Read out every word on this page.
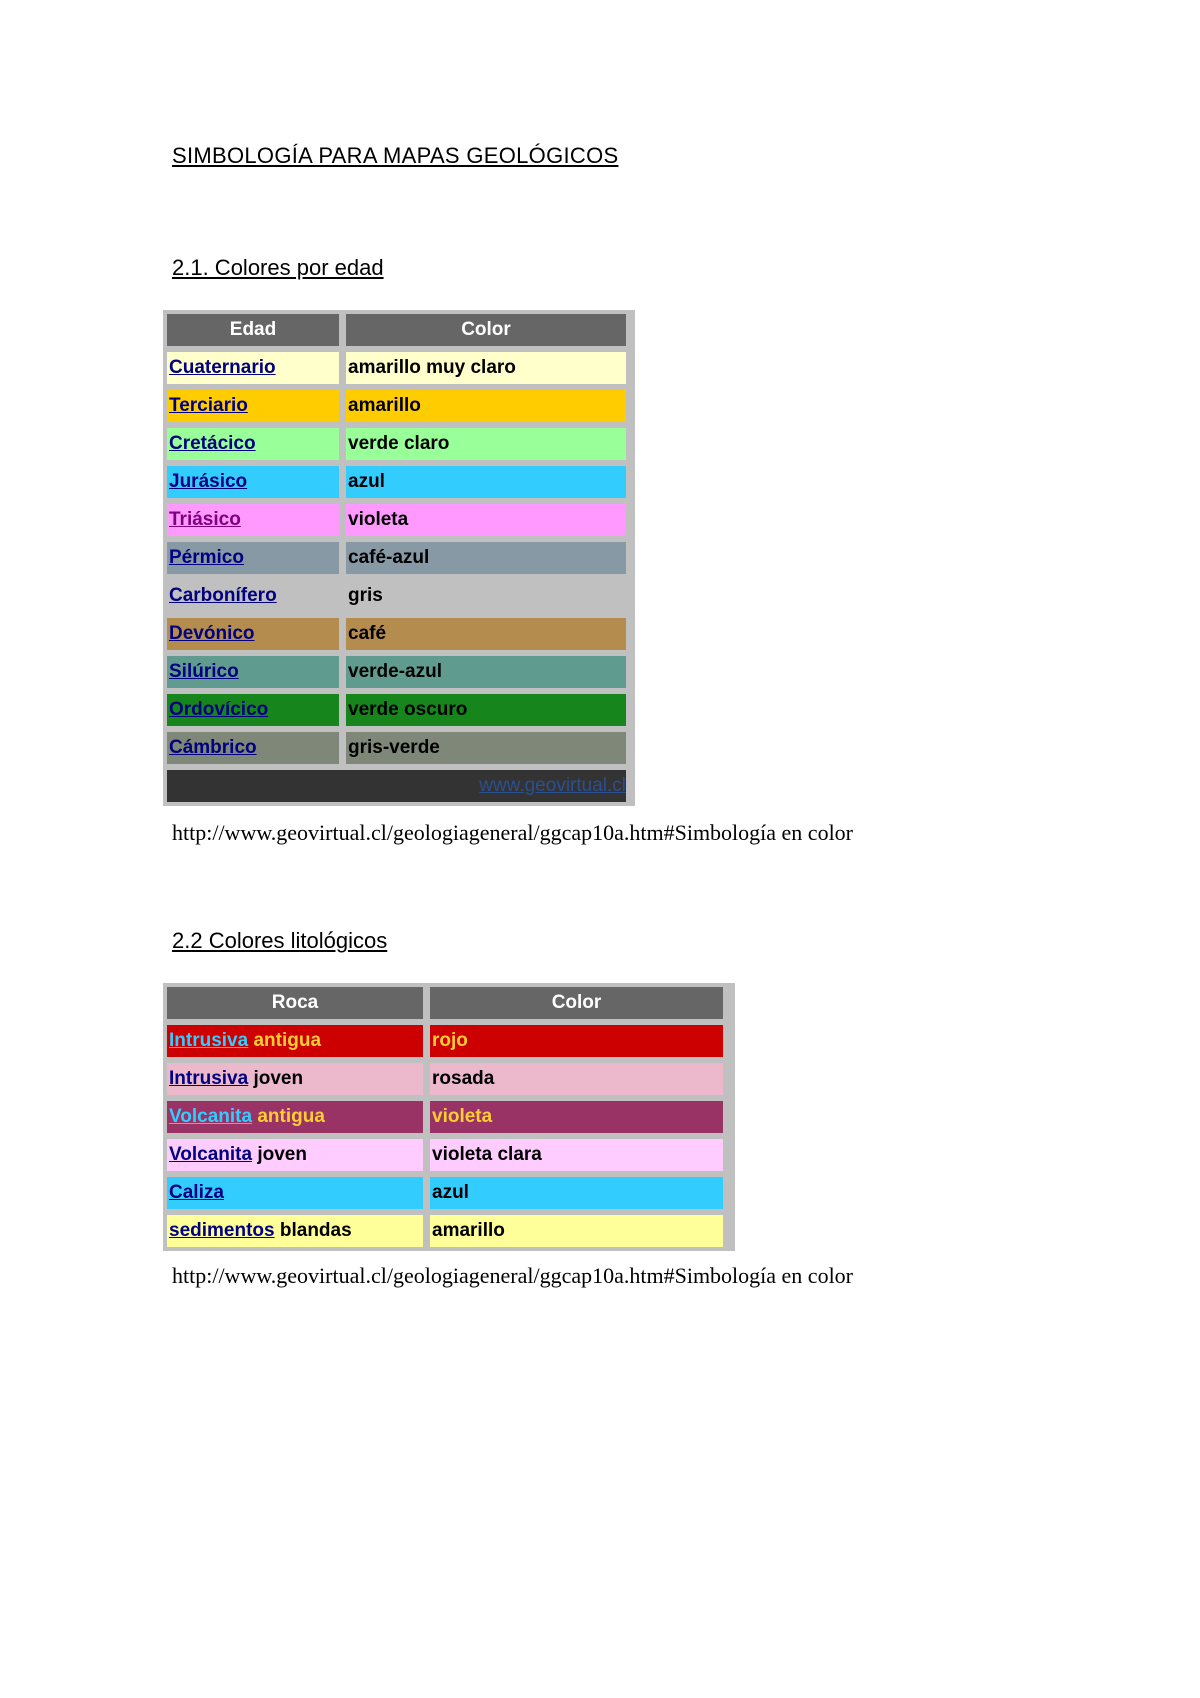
SIMBOLOGÍA PARA MAPAS GEOLÓGICOS
2.1. Colores por edad
Edad	Color
Cuaternario	amarillo muy claro
Terciario	amarillo
Cretácico	verde claro
Jurásico	azul
Triásico	violeta
Pérmico	café-azul
Carbonífero	gris
Devónico	café
Silúrico	verde-azul
Ordovícico	verde oscuro
Cámbrico	gris-verde
www.geovirtual.cl
http://www.geovirtual.cl/geologiageneral/ggcap10a.htm#Simbología en color
2.2 Colores litológicos
Roca	Color
Intrusiva antigua	rojo
Intrusiva joven	rosada
Volcanita antigua	violeta
Volcanita joven	violeta clara
Caliza	azul
sedimentos blandas	amarillo
http://www.geovirtual.cl/geologiageneral/ggcap10a.htm#Simbología en color
